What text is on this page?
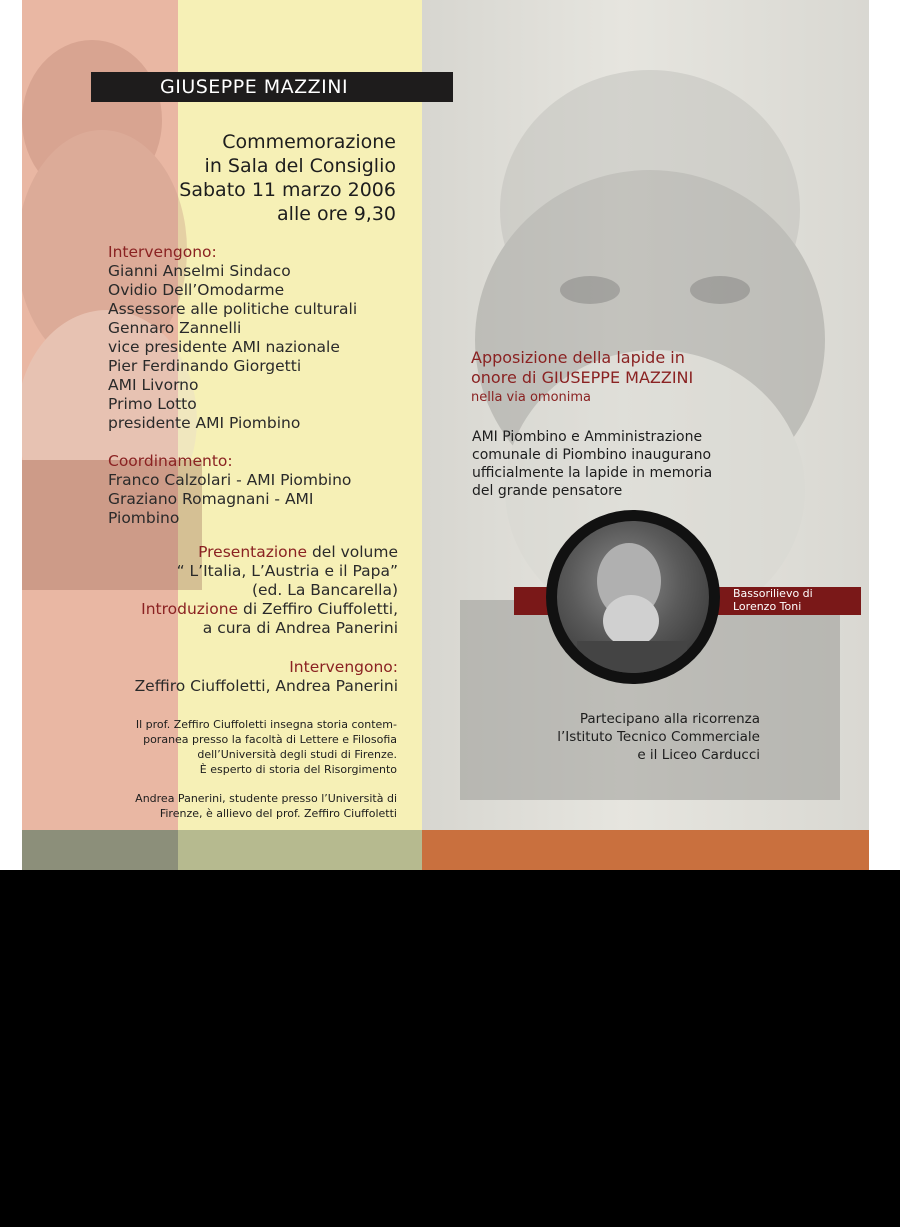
GIUSEPPE MAZZINI
Commemorazione
in Sala del Consiglio
Sabato 11 marzo 2006
alle ore 9,30
Intervengono:
Gianni Anselmi Sindaco
Ovidio Dell’Omodarme
Assessore alle politiche culturali
Gennaro Zannelli
vice presidente AMI nazionale
Pier Ferdinando Giorgetti
AMI Livorno
Primo Lotto
presidente AMI Piombino
Coordinamento:
Franco Calzolari - AMI Piombino
Graziano Romagnani - AMI
Piombino
Presentazione del volume
“ L’Italia, L’Austria e il Papa”
(ed. La Bancarella)
Introduzione di Zeffiro Ciuffoletti,
a cura di Andrea Panerini
Intervengono:
Zeffiro Ciuffoletti, Andrea Panerini
Il prof. Zeffiro Ciuffoletti insegna storia contem-
poranea presso la facoltà di Lettere e Filosofia
dell’Università degli studi di Firenze.
È esperto di storia del Risorgimento
Andrea Panerini, studente presso l’Università di
Firenze, è allievo del prof. Zeffiro Ciuffoletti
Apposizione della lapide in
onore di GIUSEPPE MAZZINI
nella via omonima
AMI Piombino e Amministrazione
comunale di Piombino inaugurano
ufficialmente la lapide in memoria
del grande pensatore
Bassorilievo di
Lorenzo Toni
Partecipano alla ricorrenza
l’Istituto Tecnico Commerciale
e il Liceo Carducci
